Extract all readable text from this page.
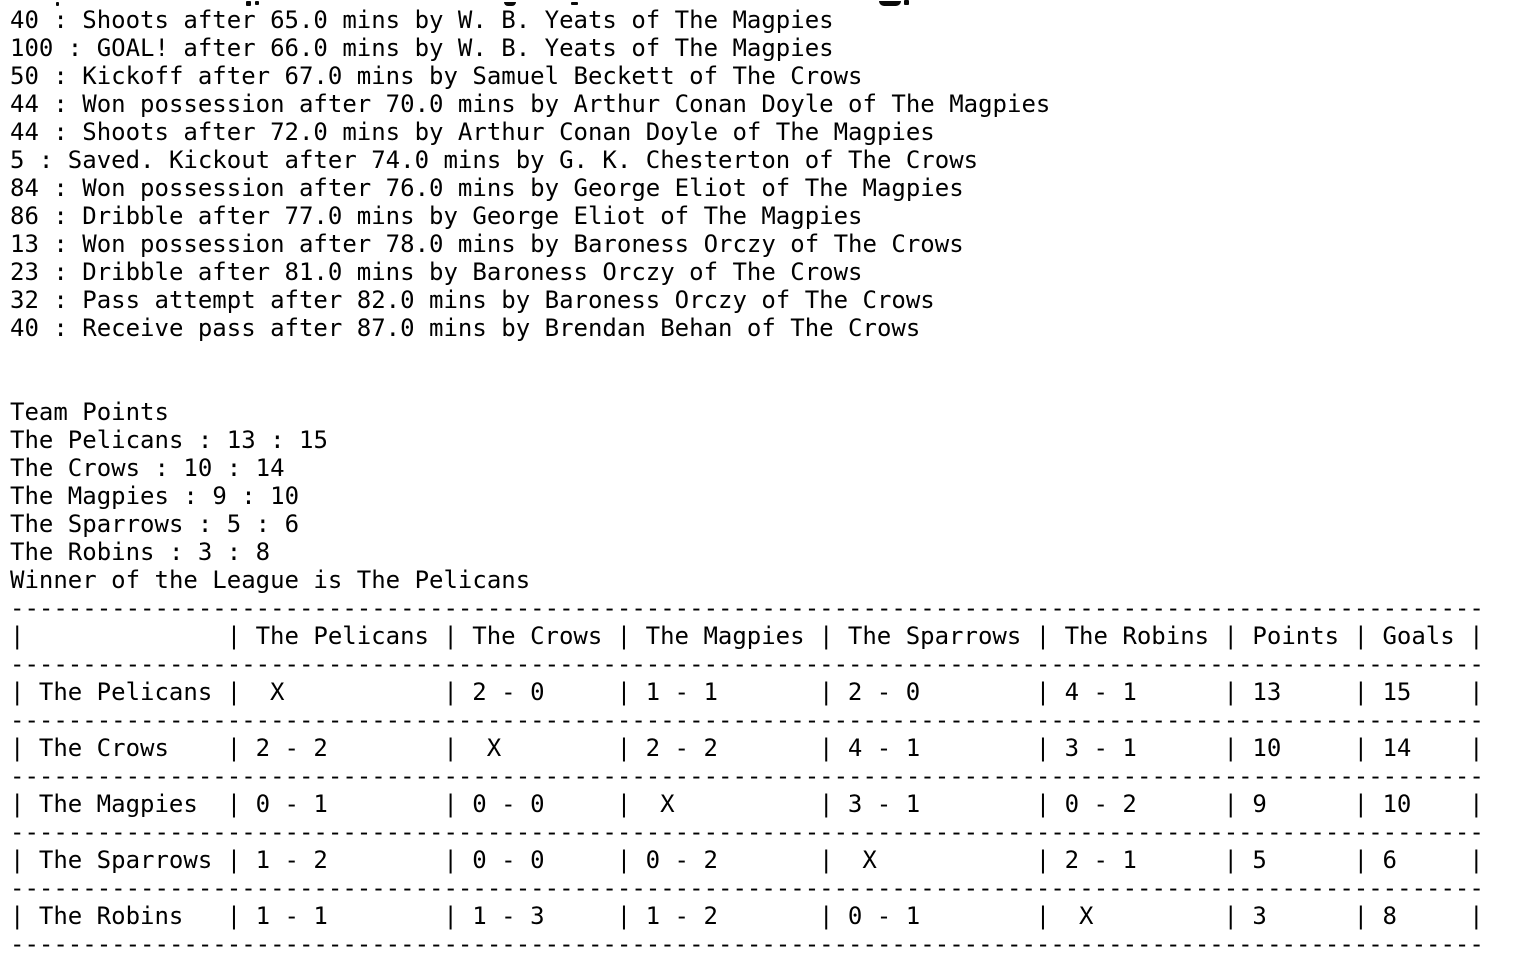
40 : Shoots after 65.0 mins by W. B. Yeats of The Magpies
100 : GOAL! after 66.0 mins by W. B. Yeats of The Magpies
50 : Kickoff after 67.0 mins by Samuel Beckett of The Crows
44 : Won possession after 70.0 mins by Arthur Conan Doyle of The Magpies
44 : Shoots after 72.0 mins by Arthur Conan Doyle of The Magpies
5 : Saved. Kickout after 74.0 mins by G. K. Chesterton of The Crows
84 : Won possession after 76.0 mins by George Eliot of The Magpies
86 : Dribble after 77.0 mins by George Eliot of The Magpies
13 : Won possession after 78.0 mins by Baroness Orczy of The Crows
23 : Dribble after 81.0 mins by Baroness Orczy of The Crows
32 : Pass attempt after 82.0 mins by Baroness Orczy of The Crows
40 : Receive pass after 87.0 mins by Brendan Behan of The Crows
Team Points
The Pelicans : 13 : 15
The Crows : 10 : 14
The Magpies : 9 : 10
The Sparrows : 5 : 6
The Robins : 3 : 8
Winner of the League is The Pelicans
------------------------------------------------------------------------------------------------------
|	| The Pelicans | The Crows | The Magpies | The Sparrows | The Robins | Points | Goals |
------------------------------------------------------------------------------------------------------
| The Pelicans | X	| 2 - 0	| 1 - 1	| 2 - 0	| 4 - 1	| 13	| 15	|
------------------------------------------------------------------------------------------------------
| The Crows	| 2 - 2	| X	| 2 - 2	| 4 - 1	| 3 - 1	| 10	| 14	|
------------------------------------------------------------------------------------------------------
| The Magpies	| 0 - 1	| 0 - 0	| X	| 3 - 1	| 0 - 2	| 9	| 10	|
------------------------------------------------------------------------------------------------------
| The Sparrows | 1 - 2	| 0 - 0	| 0 - 2	| X	| 2 - 1	| 5	| 6	|
------------------------------------------------------------------------------------------------------
| The Robins	| 1 - 1	| 1 - 3	| 1 - 2	| 0 - 1	| X	| 3	| 8	|
------------------------------------------------------------------------------------------------------
